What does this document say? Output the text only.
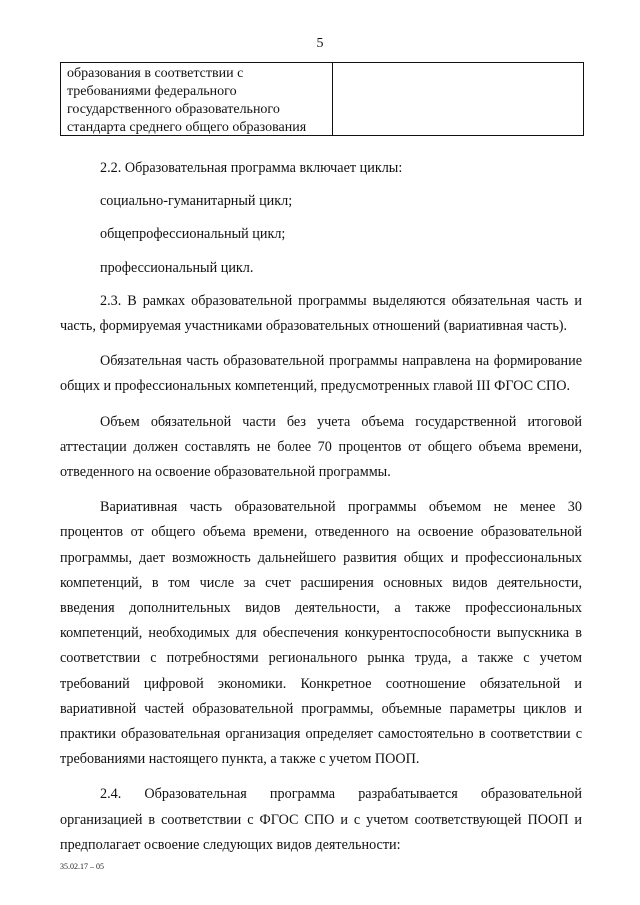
5
образования в соответствии с
требованиями федерального
государственного образовательного
стандарта среднего общего образования

2.2. Образовательная программа включает циклы:

социально-гуманитарный цикл;

общепрофессиональный цикл;

профессиональный цикл.

2.3. В рамках образовательной программы выделяются обязательная часть и часть, формируемая участниками образовательных отношений (вариативная часть).

Обязательная часть образовательной программы направлена на формирование общих и профессиональных компетенций, предусмотренных главой III ФГОС СПО.

Объем обязательной части без учета объема государственной итоговой аттестации должен составлять не более 70 процентов от общего объема времени, отведенного на освоение образовательной программы.

Вариативная часть образовательной программы объемом не менее 30 процентов от общего объема времени, отведенного на освоение образовательной программы, дает возможность дальнейшего развития общих и профессиональных компетенций, в том числе за счет расширения основных видов деятельности, введения дополнительных видов деятельности, а также профессиональных компетенций, необходимых для обеспечения конкурентоспособности выпускника в соответствии с потребностями регионального рынка труда, а также с учетом требований цифровой экономики. Конкретное соотношение обязательной и вариативной частей образовательной программы, объемные параметры циклов и практики образовательная организация определяет самостоятельно в соответствии с требованиями настоящего пункта, а также с учетом ПООП.

2.4. Образовательная программа разрабатывается образовательной организацией в соответствии с ФГОС СПО и с учетом соответствующей ПООП и предполагает освоение следующих видов деятельности:

35.02.17 – 05
